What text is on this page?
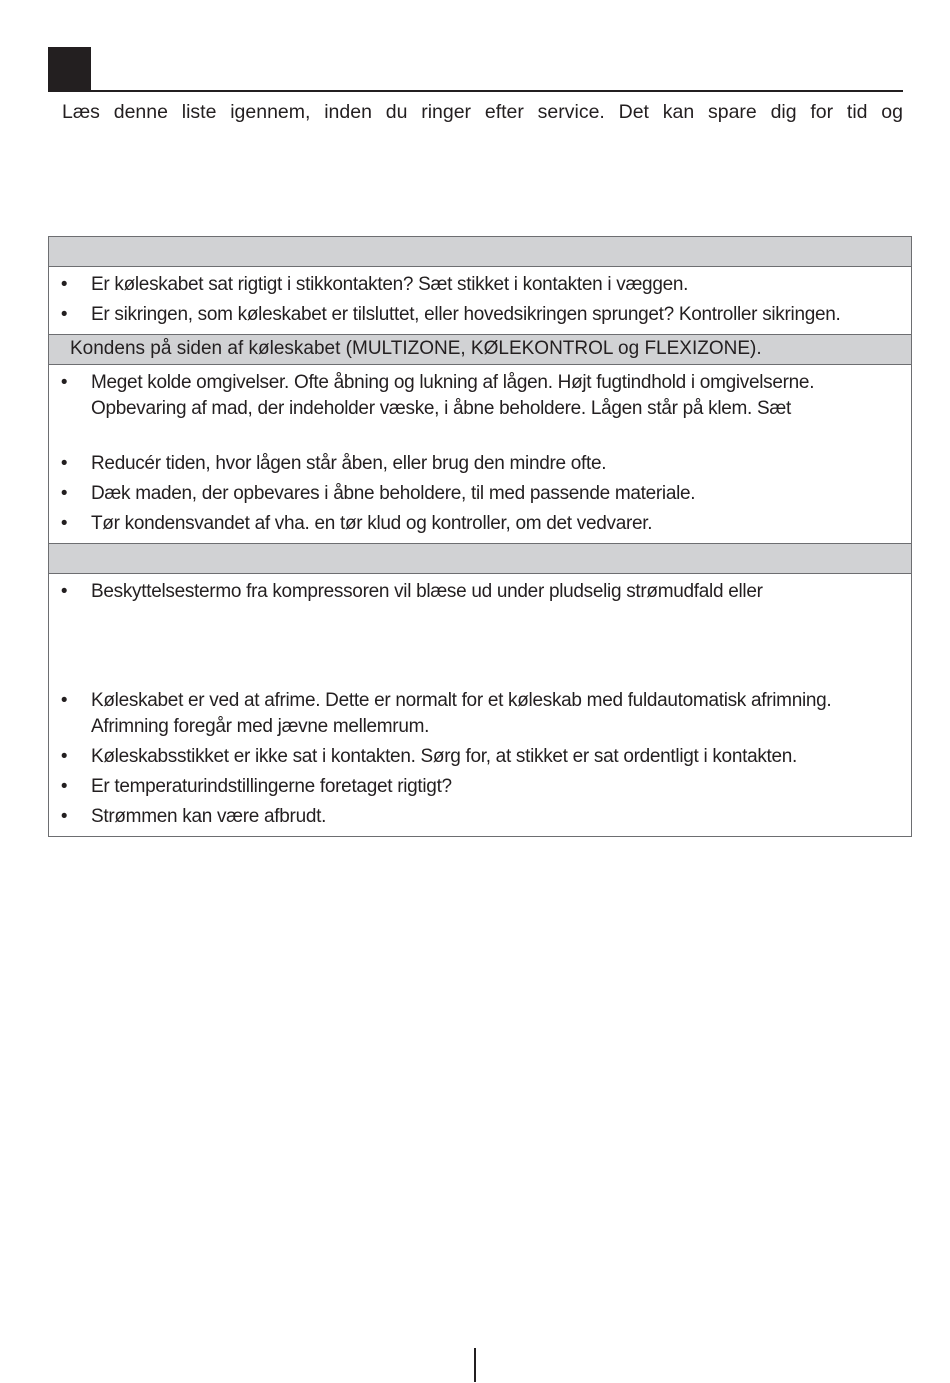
Læs denne liste igennem, inden du ringer efter service. Det kan spare dig for tid og

• Er køleskabet sat rigtigt i stikkontakten? Sæt stikket i kontakten i væggen.
• Er sikringen, som køleskabet er tilsluttet, eller hovedsikringen sprunget? Kontroller sikringen.
Kondens på siden af køleskabet (MULTIZONE, KØLEKONTROL og FLEXIZONE).
• Meget kolde omgivelser. Ofte åbning og lukning af lågen. Højt fugtindhold i omgivelserne. Opbevaring af mad, der indeholder væske, i åbne beholdere. Lågen står på klem. Sæt
• Reducér tiden, hvor lågen står åben, eller brug den mindre ofte.
• Dæk maden, der opbevares i åbne beholdere, til med passende materiale.
• Tør kondensvandet af vha. en tør klud og kontroller, om det vedvarer.
• Beskyttelsestermo fra kompressoren vil blæse ud under pludselig strømudfald eller
• Køleskabet er ved at afrime. Dette er normalt for et køleskab med fuldautomatisk afrimning. Afrimning foregår med jævne mellemrum.
• Køleskabsstikket er ikke sat i kontakten. Sørg for, at stikket er sat ordentligt i kontakten.
• Er temperaturindstillingerne foretaget rigtigt?
• Strømmen kan være afbrudt.
